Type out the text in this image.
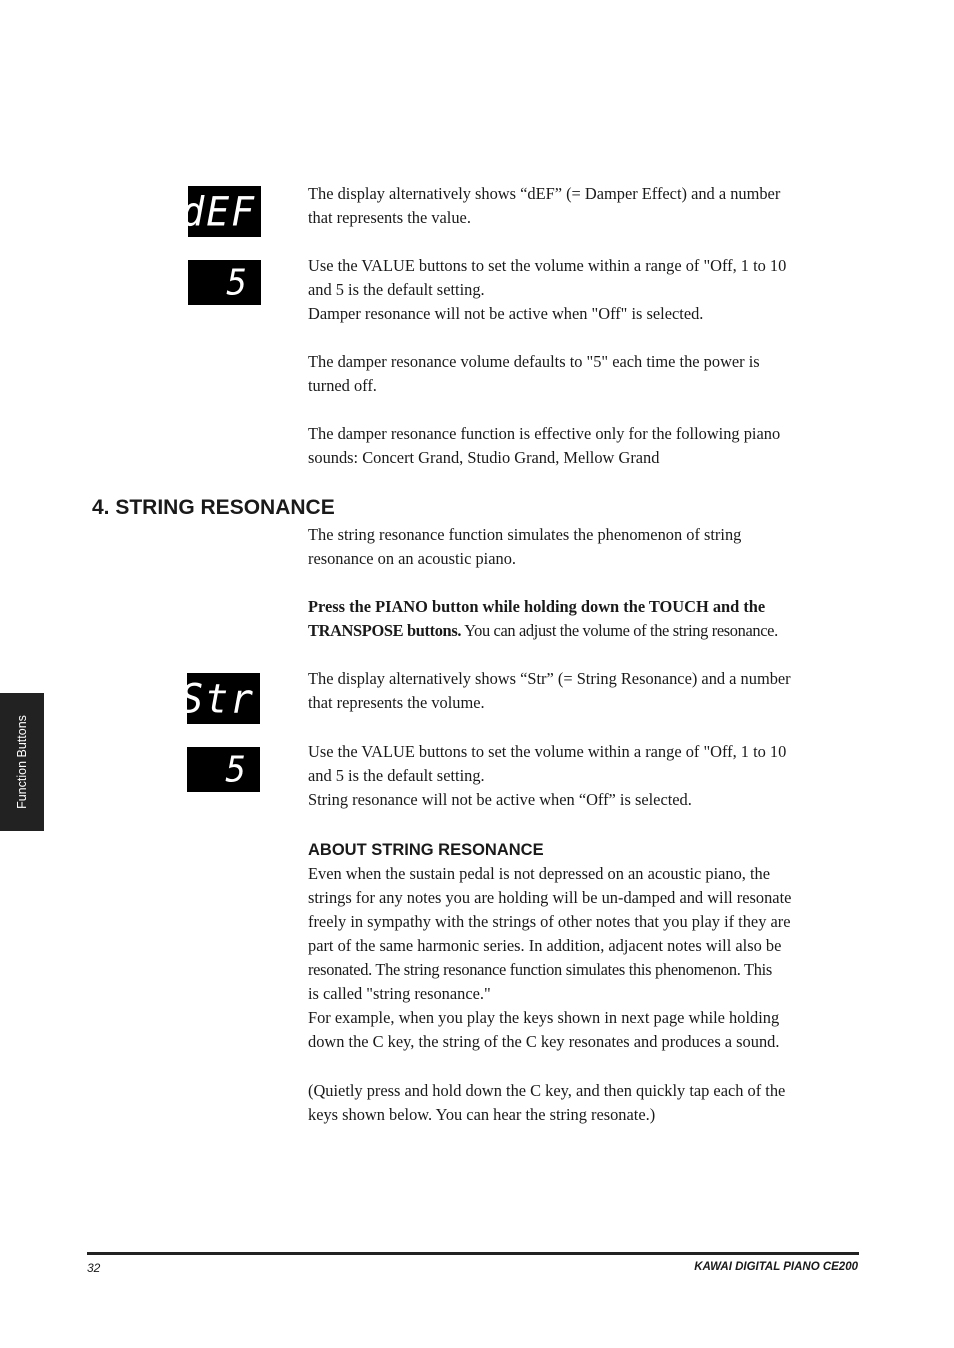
dEF
5
Str
5
The display alternatively shows “dEF” (= Damper Effect) and a number
that represents the value.
Use the VALUE buttons to set the volume within a range of "Off, 1 to 10
and 5 is the default setting.
Damper resonance will not be active when "Off" is selected.
The damper resonance volume defaults to "5" each time the power is
turned off.
The damper resonance function is effective only for the following piano
sounds: Concert Grand, Studio Grand, Mellow Grand
4. STRING RESONANCE
The string resonance function simulates the phenomenon of string
resonance on an acoustic piano.
Press the PIANO button while holding down the TOUCH and the
TRANSPOSE buttons. You can adjust the volume of the string resonance.
The display alternatively shows “Str” (= String Resonance) and a number
that represents the volume.
Use the VALUE buttons to set the volume within a range of "Off, 1 to 10
and 5 is the default setting.
String resonance will not be active when “Off” is selected.
ABOUT STRING RESONANCE
Even when the sustain pedal is not depressed on an acoustic piano, the
strings for any notes you are holding will be un-damped and will resonate
freely in sympathy with the strings of other notes that you play if they are
part of the same harmonic series. In addition, adjacent notes will also be
resonated. The string resonance function simulates this phenomenon. This
is called "string resonance."
For example, when you play the keys shown in next page while holding
down the C key, the string of the C key resonates and produces a sound.
(Quietly press and hold down the C key, and then quickly tap each of the
keys shown below. You can hear the string resonate.)
Function Buttons
32	KAWAI DIGITAL PIANO CE200
